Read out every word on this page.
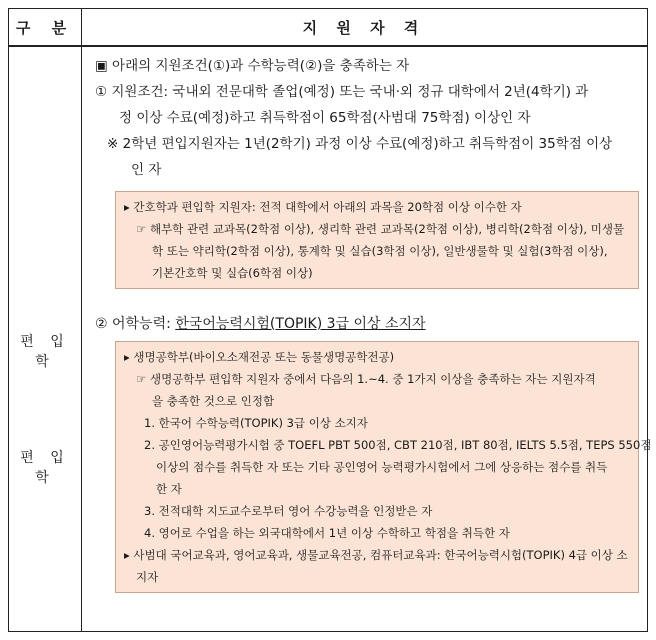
구 분	지 원 자 격
편 입 학
편 입 학
▣ 아래의 지원조건(①)과 수학능력(②)을 충족하는 자
① 지원조건: 국내외 전문대학 졸업(예정) 또는 국내·외 정규 대학에서 2년(4학기) 과
정 이상 수료(예정)하고 취득학점이 65학점(사범대 75학점) 이상인 자
※ 2학년 편입지원자는 1년(2학기) 과정 이상 수료(예정)하고 취득학점이 35학점 이상
인 자
▸ 간호학과 편입학 지원자: 전적 대학에서 아래의 과목을 20학점 이상 이수한 자
☞ 해부학 관련 교과목(2학점 이상), 생리학 관련 교과목(2학점 이상), 병리학(2학점 이상), 미생물
학 또는 약리학(2학점 이상), 통계학 및 실습(3학점 이상), 일반생물학 및 실험(3학점 이상),
기본간호학 및 실습(6학점 이상)
② 어학능력: 한국어능력시험(TOPIK) 3급 이상 소지자
▸ 생명공학부(바이오소재전공 또는 동물생명공학전공)
☞ 생명공학부 편입학 지원자 중에서 다음의 1.~4. 중 1가지 이상을 충족하는 자는 지원자격
을 충족한 것으로 인정함
1. 한국어 수학능력(TOPIK) 3급 이상 소지자
2. 공인영어능력평가시험 중 TOEFL PBT 500점, CBT 210점, IBT 80점, IELTS 5.5점, TEPS 550점
이상의 점수를 취득한 자 또는 기타 공인영어 능력평가시험에서 그에 상응하는 점수를 취득
한 자
3. 전적대학 지도교수로부터 영어 수강능력을 인정받은 자
4. 영어로 수업을 하는 외국대학에서 1년 이상 수학하고 학점을 취득한 자
▸ 사범대 국어교육과, 영어교육과, 생물교육전공, 컴퓨터교육과: 한국어능력시험(TOPIK) 4급 이상 소
지자
